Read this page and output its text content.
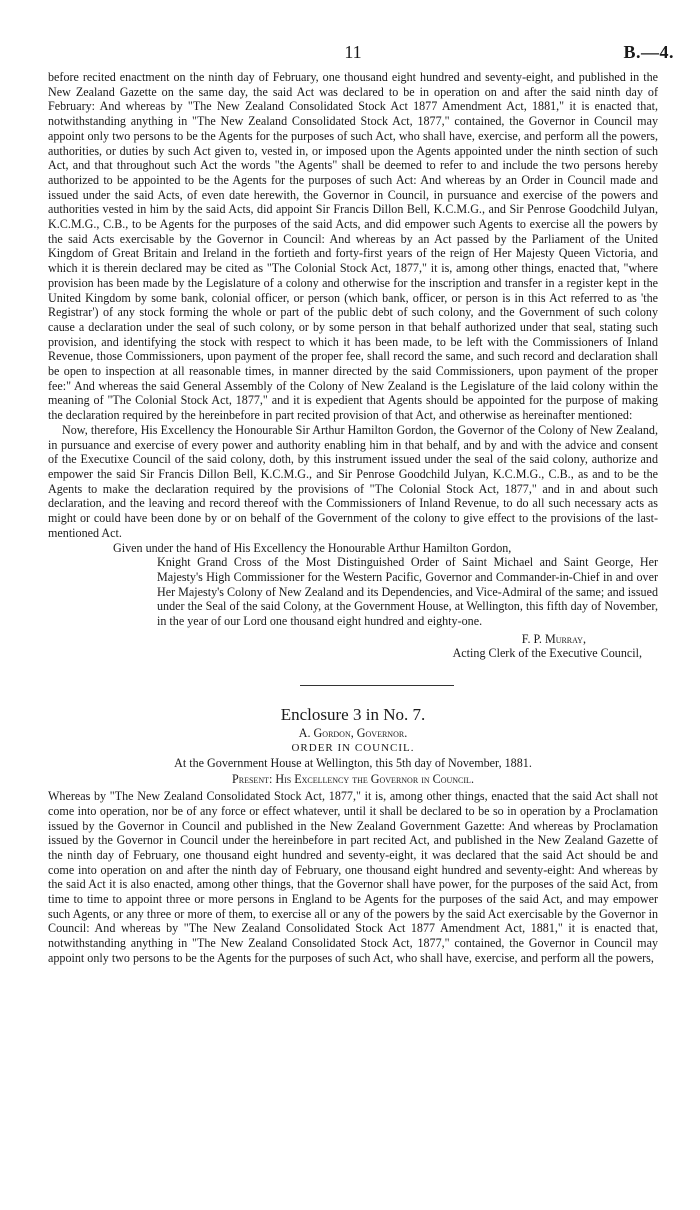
11	B.—4.

before recited enactment on the ninth day of February, one thousand eight hundred and seventy-eight, and published in the New Zealand Gazette on the same day, the said Act was declared to be in operation on and after the said ninth day of February: And whereas by "The New Zealand Consolidated Stock Act 1877 Amendment Act, 1881," it is enacted that, notwithstanding anything in "The New Zealand Consolidated Stock Act, 1877," contained, the Governor in Council may appoint only two persons to be the Agents for the purposes of such Act, who shall have, exercise, and perform all the powers, authorities, or duties by such Act given to, vested in, or imposed upon the Agents appointed under the ninth section of such Act, and that throughout such Act the words "the Agents" shall be deemed to refer to and include the two persons hereby authorized to be appointed to be the Agents for the purposes of such Act: And whereas by an Order in Council made and issued under the said Acts, of even date herewith, the Governor in Council, in pursuance and exercise of the powers and authorities vested in him by the said Acts, did appoint Sir Francis Dillon Bell, K.C.M.G., and Sir Penrose Goodchild Julyan, K.C.M.G., C.B., to be Agents for the purposes of the said Acts, and did empower such Agents to exercise all the powers by the said Acts exercisable by the Governor in Council: And whereas by an Act passed by the Parliament of the United Kingdom of Great Britain and Ireland in the fortieth and forty-first years of the reign of Her Majesty Queen Victoria, and which it is therein declared may be cited as "The Colonial Stock Act, 1877," it is, among other things, enacted that, "where provision has been made by the Legislature of a colony and otherwise for the inscription and transfer in a register kept in the United Kingdom by some bank, colonial officer, or person (which bank, officer, or person is in this Act referred to as 'the Registrar') of any stock forming the whole or part of the public debt of such colony, and the Government of such colony cause a declaration under the seal of such colony, or by some person in that behalf authorized under that seal, stating such provision, and identifying the stock with respect to which it has been made, to be left with the Commissioners of Inland Revenue, those Commissioners, upon payment of the proper fee, shall record the same, and such record and declaration shall be open to inspection at all reasonable times, in manner directed by the said Commissioners, upon payment of the proper fee:" And whereas the said General Assembly of the Colony of New Zealand is the Legislature of the laid colony within the meaning of "The Colonial Stock Act, 1877," and it is expedient that Agents should be appointed for the purpose of making the declaration required by the hereinbefore in part recited provision of that Act, and otherwise as hereinafter mentioned:

Now, therefore, His Excellency the Honourable Sir Arthur Hamilton Gordon, the Governor of the Colony of New Zealand, in pursuance and exercise of every power and authority enabling him in that behalf, and by and with the advice and consent of the Executixe Council of the said colony, doth, by this instrument issued under the seal of the said colony, authorize and empower the said Sir Francis Dillon Bell, K.C.M.G., and Sir Penrose Goodchild Julyan, K.C.M.G., C.B., as and to be the Agents to make the declaration required by the provisions of "The Colonial Stock Act, 1877," and in and about such declaration, and the leaving and record thereof with the Commissioners of Inland Revenue, to do all such necessary acts as might or could have been done by or on behalf of the Government of the colony to give effect to the provisions of the last-mentioned Act.

Given under the hand of His Excellency the Honourable Arthur Hamilton Gordon,

Knight Grand Cross of the Most Distinguished Order of Saint Michael and Saint George, Her Majesty's High Commissioner for the Western Pacific, Governor and Commander-in-Chief in and over Her Majesty's Colony of New Zealand and its Dependencies, and Vice-Admiral of the same; and issued under the Seal of the said Colony, at the Government House, at Wellington, this fifth day of November, in the year of our Lord one thousand eight hundred and eighty-one.

F. P. Murray,
Acting Clerk of the Executive Council,
Enclosure 3 in No. 7.
A. Gordon, Governor.
ORDER IN COUNCIL.
At the Government House at Wellington, this 5th day of November, 1881.
Present: His Excellency the Governor in Council.

Whereas by "The New Zealand Consolidated Stock Act, 1877," it is, among other things, enacted that the said Act shall not come into operation, nor be of any force or effect whatever, until it shall be declared to be so in operation by a Proclamation issued by the Governor in Council and published in the New Zealand Government Gazette: And whereas by Proclamation issued by the Governor in Council under the hereinbefore in part recited Act, and published in the New Zealand Gazette of the ninth day of February, one thousand eight hundred and seventy-eight, it was declared that the said Act should be and come into operation on and after the ninth day of February, one thousand eight hundred and seventy-eight: And whereas by the said Act it is also enacted, among other things, that the Governor shall have power, for the purposes of the said Act, from time to time to appoint three or more persons in England to be Agents for the purposes of the said Act, and may empower such Agents, or any three or more of them, to exercise all or any of the powers by the said Act exercisable by the Governor in Council: And whereas by "The New Zealand Consolidated Stock Act 1877 Amendment Act, 1881," it is enacted that, notwithstanding anything in "The New Zealand Consolidated Stock Act, 1877," contained, the Governor in Council may appoint only two persons to be the Agents for the purposes of such Act, who shall have, exercise, and perform all the powers,
